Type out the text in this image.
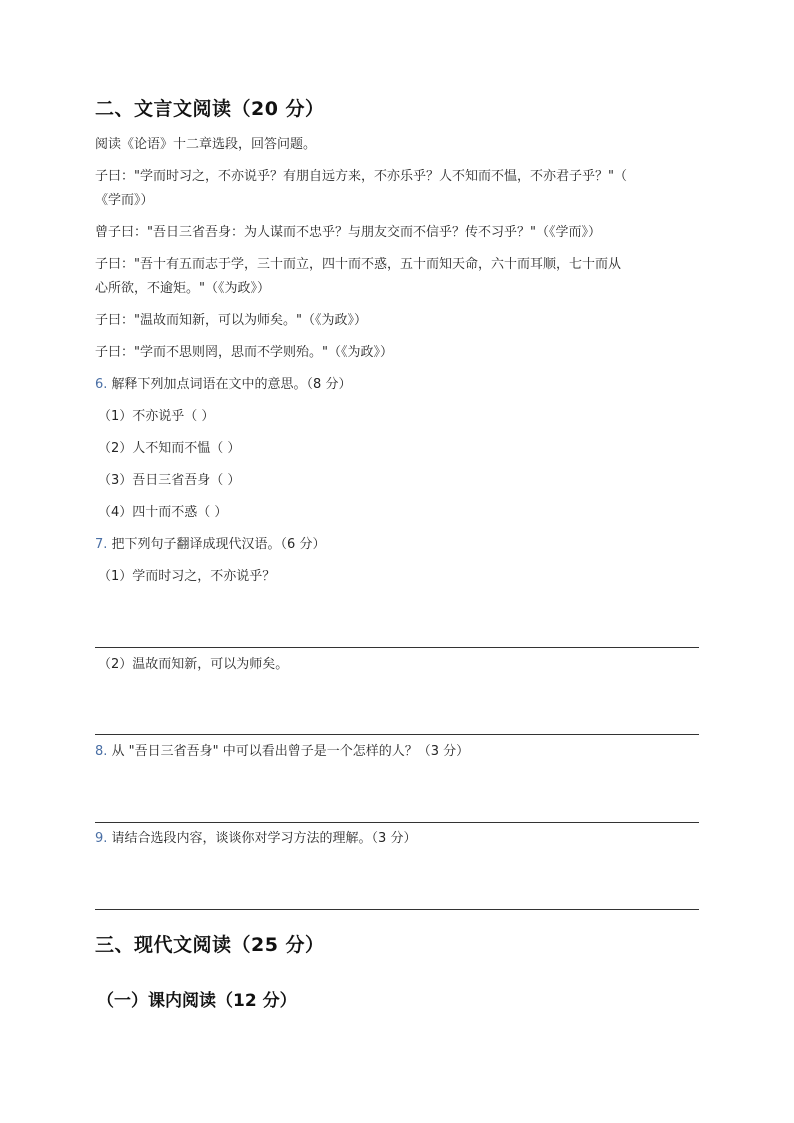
二、文言文阅读（20 分）
阅读《论语》十二章选段，回答问题。
子曰："学而时习之，不亦说乎？有朋自远方来，不亦乐乎？人不知而不愠，不亦君子乎？"（
《学而》）
曾子曰："吾日三省吾身：为人谋而不忠乎？与朋友交而不信乎？传不习乎？"（《学而》）
子曰："吾十有五而志于学，三十而立，四十而不惑，五十而知天命，六十而耳顺，七十而从
心所欲，不逾矩。"（《为政》）
子曰："温故而知新，可以为师矣。"（《为政》）
子曰："学而不思则罔，思而不学则殆。"（《为政》）
6. 解释下列加点词语在文中的意思。（8 分）
（1）不亦说乎（ ）
（2）人不知而不愠（ ）
（3）吾日三省吾身（ ）
（4）四十而不惑（ ）
7. 把下列句子翻译成现代汉语。（6 分）
（1）学而时习之，不亦说乎？
（2）温故而知新，可以为师矣。
8. 从 "吾日三省吾身" 中可以看出曾子是一个怎样的人？（3 分）
9. 请结合选段内容，谈谈你对学习方法的理解。（3 分）
三、现代文阅读（25 分）
（一）课内阅读（12 分）
